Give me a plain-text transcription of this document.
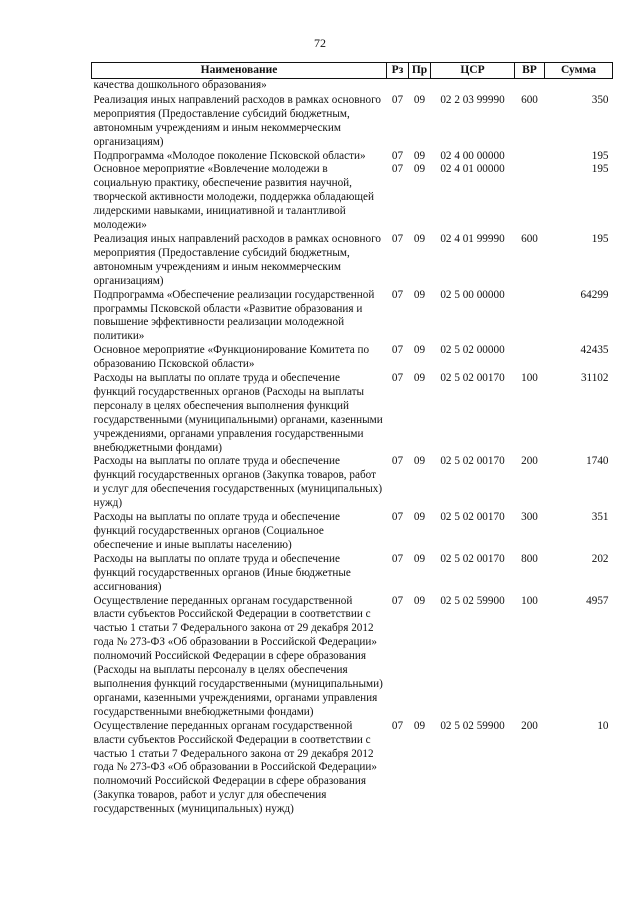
72
Наименование	Рз	Пр	ЦСР	ВР	Сумма
качества дошкольного образования»					
Реализация иных направлений расходов в рамках основного мероприятия (Предоставление субсидий бюджетным, автономным учреждениям и иным некоммерческим организациям)	07	09	02 2 03 99990	600	350
Подпрограмма «Молодое поколение Псковской области»	07	09	02 4 00 00000		195
Основное мероприятие «Вовлечение молодежи в социальную практику, обеспечение развития научной, творческой активности молодежи, поддержка обладающей лидерскими навыками, инициативной и талантливой молодежи»	07	09	02 4 01 00000		195
Реализация иных направлений расходов в рамках основного мероприятия (Предоставление субсидий бюджетным, автономным учреждениям и иным некоммерческим организациям)	07	09	02 4 01 99990	600	195
Подпрограмма «Обеспечение реализации государственной программы Псковской области «Развитие образования и повышение эффективности реализации молодежной политики»	07	09	02 5 00 00000		64299
Основное мероприятие «Функционирование Комитета по образованию Псковской области»	07	09	02 5 02 00000		42435
Расходы на выплаты по оплате труда и обеспечение функций государственных органов (Расходы на выплаты персоналу в целях обеспечения выполнения функций государственными (муниципальными) органами, казенными учреждениями, органами управления государственными внебюджетными фондами)	07	09	02 5 02 00170	100	31102
Расходы на выплаты по оплате труда и обеспечение функций государственных органов (Закупка товаров, работ и услуг для обеспечения государственных (муниципальных) нужд)	07	09	02 5 02 00170	200	1740
Расходы на выплаты по оплате труда и обеспечение функций государственных органов (Социальное обеспечение и иные выплаты населению)	07	09	02 5 02 00170	300	351
Расходы на выплаты по оплате труда и обеспечение функций государственных органов (Иные бюджетные ассигнования)	07	09	02 5 02 00170	800	202
Осуществление переданных органам государственной власти субъектов Российской Федерации в соответствии с частью 1 статьи 7 Федерального закона от 29 декабря 2012 года № 273-ФЗ «Об образовании в Российской Федерации» полномочий Российской Федерации в сфере образования (Расходы на выплаты персоналу в целях обеспечения выполнения функций государственными (муниципальными) органами, казенными учреждениями, органами управления государственными внебюджетными фондами)	07	09	02 5 02 59900	100	4957
Осуществление переданных органам государственной власти субъектов Российской Федерации в соответствии с частью 1 статьи 7 Федерального закона от 29 декабря 2012 года № 273-ФЗ «Об образовании в Российской Федерации» полномочий Российской Федерации в сфере образования (Закупка товаров, работ и услуг для обеспечения государственных (муниципальных) нужд)	07	09	02 5 02 59900	200	10
